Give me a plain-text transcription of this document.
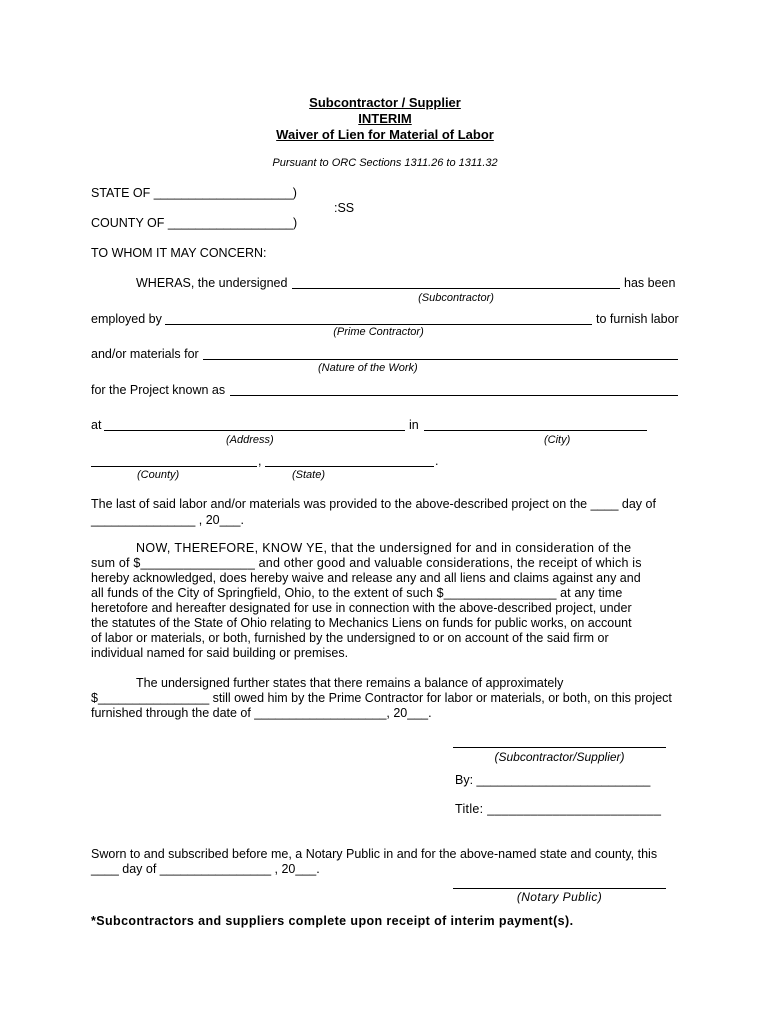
Subcontractor / Supplier
INTERIM
Waiver of Lien for Material of Labor
Pursuant to ORC Sections 1311.26 to 1311.32
STATE OF ____________________)
:SS
COUNTY OF __________________)
TO WHOM IT MAY CONCERN:
WHERAS, the undersigned	has been
(Subcontractor)
employed by	to furnish labor
(Prime Contractor)
and/or materials for
(Nature of the Work)
for the Project known as
at	in
(Address)	(City)
,	.
(County)	(State)
The last of said labor and/or materials was provided to the above-described project on the ____ day of
_______________ , 20___.
NOW, THEREFORE, KNOW YE, that the undersigned for and in consideration of the
sum of $________________ and other good and valuable considerations, the receipt of which is
hereby acknowledged, does hereby waive and release any and all liens and claims against any and
all funds of the City of Springfield, Ohio, to the extent of such $________________ at any time
heretofore and hereafter designated for use in connection with the above-described project, under
the statutes of the State of Ohio relating to Mechanics Liens on funds for public works, on account
of labor or materials, or both, furnished by the undersigned to or on account of the said firm or
individual named for said building or premises.
The undersigned further states that there remains a balance of approximately
$________________ still owed him by the Prime Contractor for labor or materials, or both, on this project
furnished through the date of ___________________, 20___.
(Subcontractor/Supplier)
By: _________________________
Title: ________________________
Sworn to and subscribed before me, a Notary Public in and for the above-named state and county, this
____ day of ________________ , 20___.
(Notary Public)
*Subcontractors and suppliers complete upon receipt of interim payment(s).
